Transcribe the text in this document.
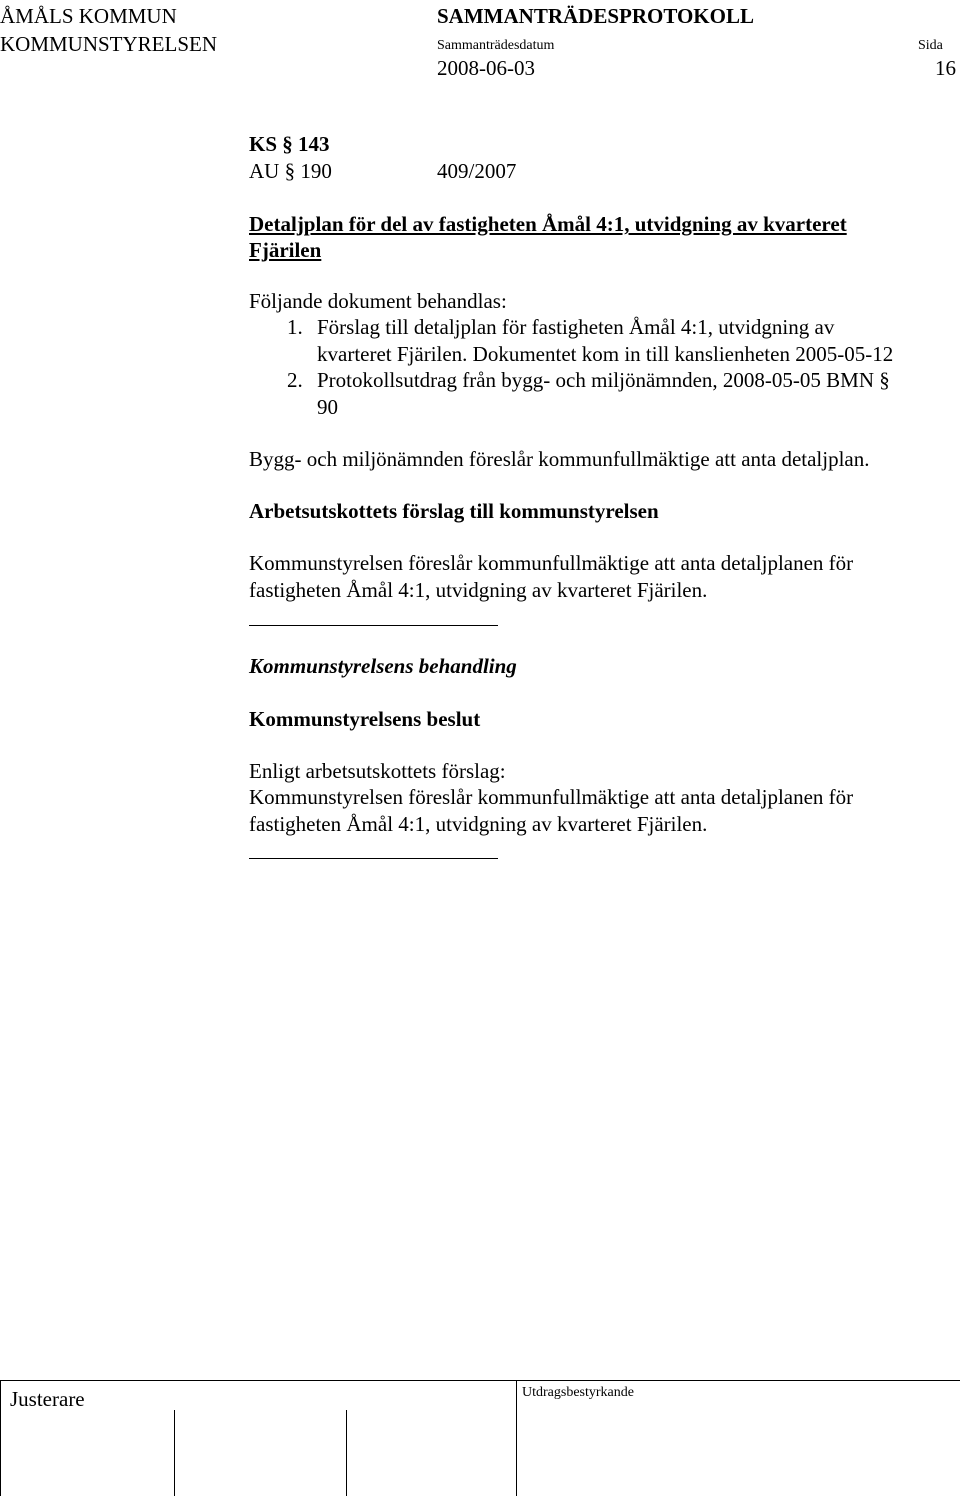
ÅMÅLS KOMMUN
KOMMUNSTYRELSEN
SAMMANTRÄDESPROTOKOLL
Sammanträdesdatum	Sida
2008-06-03	16
KS § 143
AU § 190	409/2007
Detaljplan för del av fastigheten Åmål 4:1, utvidgning av kvarteret
Fjärilen
Följande dokument behandlas:
1. Förslag till detaljplan för fastigheten Åmål 4:1, utvidgning av
kvarteret Fjärilen. Dokumentet kom in till kanslienheten 2005-05-12
2. Protokollsutdrag från bygg- och miljönämnden, 2008-05-05 BMN §
90
Bygg- och miljönämnden föreslår kommunfullmäktige att anta detaljplan.
Arbetsutskottets förslag till kommunstyrelsen
Kommunstyrelsen föreslår kommunfullmäktige att anta detaljplanen för
fastigheten Åmål 4:1, utvidgning av kvarteret Fjärilen.
Kommunstyrelsens behandling
Kommunstyrelsens beslut
Enligt arbetsutskottets förslag:
Kommunstyrelsen föreslår kommunfullmäktige att anta detaljplanen för
fastigheten Åmål 4:1, utvidgning av kvarteret Fjärilen.
Justerare	Utdragsbestyrkande
